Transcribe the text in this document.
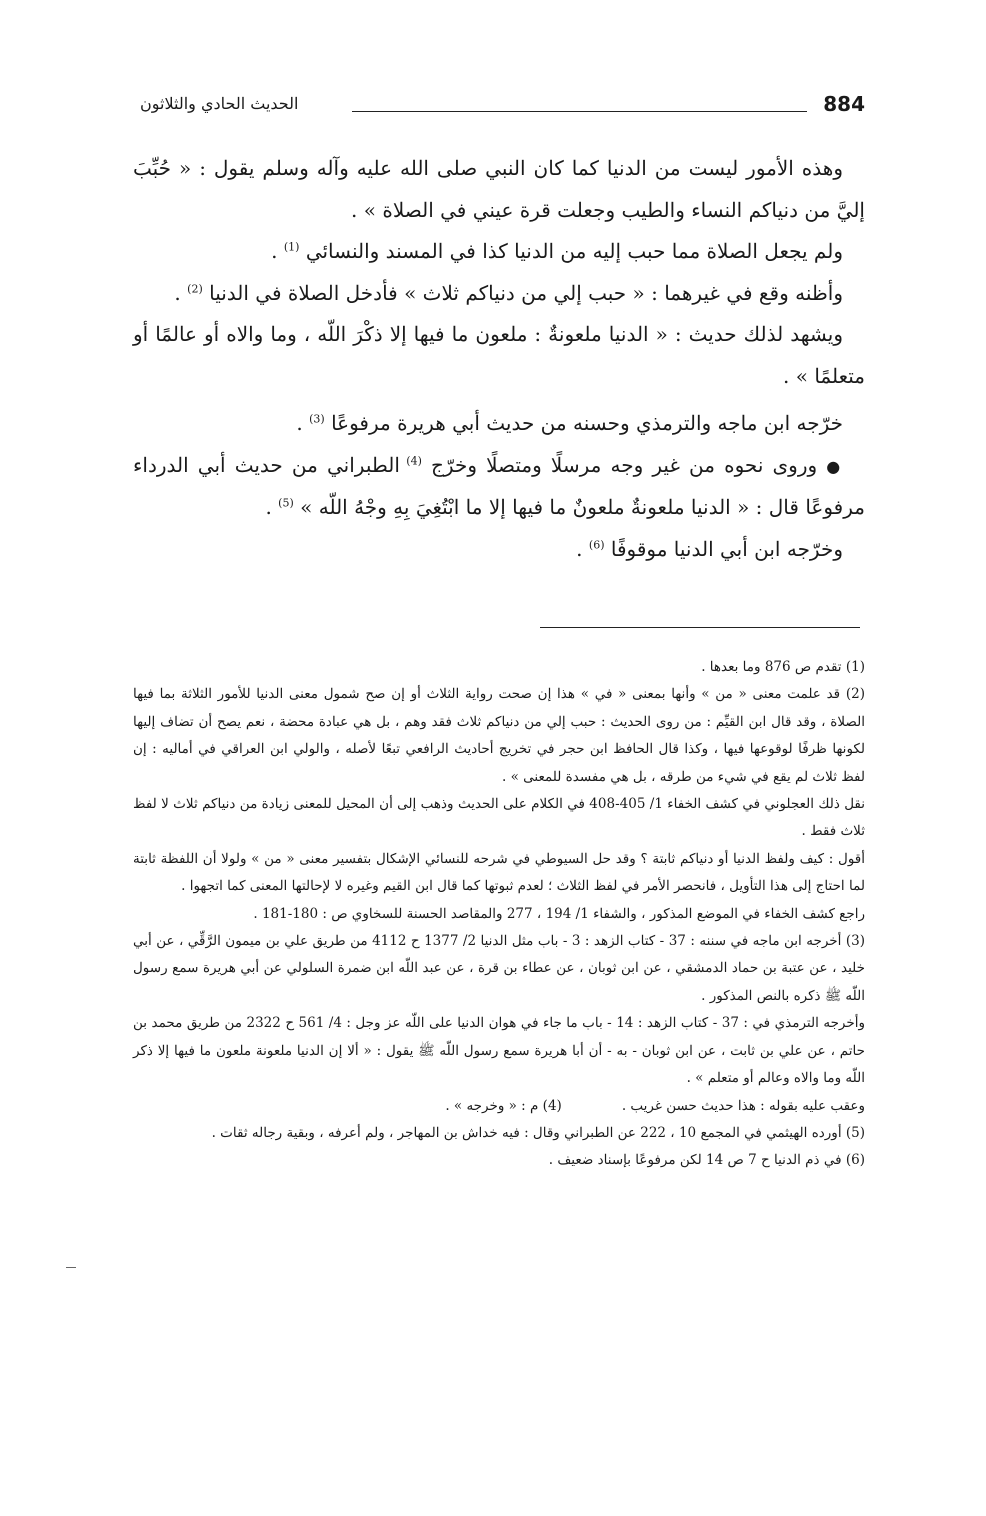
884
الحديث الحادي والثلاثون

وهذه الأمور ليست من الدنيا كما كان النبي صلى الله عليه وآله وسلم يقول : « حُبِّبَ إليَّ من دنياكم النساء والطيب وجعلت قرة عيني في الصلاة » .

ولم يجعل الصلاة مما حبب إليه من الدنيا كذا في المسند والنسائي $^{(1)}$ .

وأظنه وقع في غيرهما : « حبب إلي من دنياكم ثلاث » فأدخل الصلاة في الدنيا $^{(2)}$ .

ويشهد لذلك حديث : « الدنيا ملعونةٌ : ملعون ما فيها إلا ذكْرَ اللّه ، وما والاه أو عالمًا أو متعلمًا » .

خرّجه ابن ماجه والترمذي وحسنه من حديث أبي هريرة مرفوعًا $^{(3)}$ .

● وروى نحوه من غير وجه مرسلًا ومتصلًا وخرّج $^{(4)}$ الطبراني من حديث أبي الدرداء مرفوعًا قال : « الدنيا ملعونةٌ ملعونٌ ما فيها إلا ما ابْتُغِيَ بِهِ وجْهُ اللّه » $^{(5)}$ .

وخرّجه ابن أبي الدنيا موقوفًا $^{(6)}$ .

(1) تقدم ص 876 وما بعدها .

(2) قد علمت معنى « من » وأنها بمعنى « في » هذا إن صحت رواية الثلاث أو إن صح شمول معنى الدنيا للأمور الثلاثة بما فيها الصلاة ، وقد قال ابن القيِّم : من روى الحديث : حبب إلي من دنياكم ثلاث فقد وهم ، بل هي عبادة محضة ، نعم يصح أن تضاف إليها لكونها ظرفًا لوقوعها فيها ، وكذا قال الحافظ ابن حجر في تخريج أحاديث الرافعي تبعًا لأصله ، والولي ابن العراقي في أماليه : إن لفظ ثلاث لم يقع في شيء من طرقه ، بل هي مفسدة للمعنى » .

نقل ذلك العجلوني في كشف الخفاء 1/ 405-408 في الكلام على الحديث وذهب إلى أن المحيل للمعنى زيادة من دنياكم ثلاث لا لفظ ثلاث فقط .

أقول : كيف ولفظ الدنيا أو دنياكم ثابتة ؟ وقد حل السيوطي في شرحه للنسائي الإشكال بتفسير معنى « من » ولولا أن اللفظة ثابتة لما احتاج إلى هذا التأويل ، فانحصر الأمر في لفظ الثلاث ؛ لعدم ثبوتها كما قال ابن القيم وغيره لا لإحالتها المعنى كما اتجهوا .

راجع كشف الخفاء في الموضع المذكور ، والشفاء 1/ 194 ، 277 والمقاصد الحسنة للسخاوي ص : 180-181 .

(3) أخرجه ابن ماجه في سننه : 37 - كتاب الزهد : 3 - باب مثل الدنيا 2/ 1377 ح 4112 من طريق علي بن ميمون الرَّقِّي ، عن أبي خليد ، عن عتبة بن حماد الدمشقي ، عن ابن ثوبان ، عن عطاء بن قرة ، عن عبد اللّه ابن ضمرة السلولي عن أبي هريرة سمع رسول اللّه ﷺ ذكره بالنص المذكور .

وأخرجه الترمذي في : 37 - كتاب الزهد : 14 - باب ما جاء في هوان الدنيا على اللّه عز وجل : 4/ 561 ح 2322 من طريق محمد بن حاتم ، عن علي بن ثابت ، عن ابن ثوبان - به - أن أبا هريرة سمع رسول اللّه ﷺ يقول : « ألا إن الدنيا ملعونة ملعون ما فيها إلا ذكر اللّه وما والاه وعالم أو متعلم » .

وعقب عليه بقوله : هذا حديث حسن غريب .(4) م : « وخرجه » .

(5) أورده الهيثمي في المجمع 10 ، 222 عن الطبراني وقال : فيه خداش بن المهاجر ، ولم أعرفه ، وبقية رجاله ثقات .

(6) في ذم الدنيا ح 7 ص 14 لكن مرفوعًا بإسناد ضعيف .
